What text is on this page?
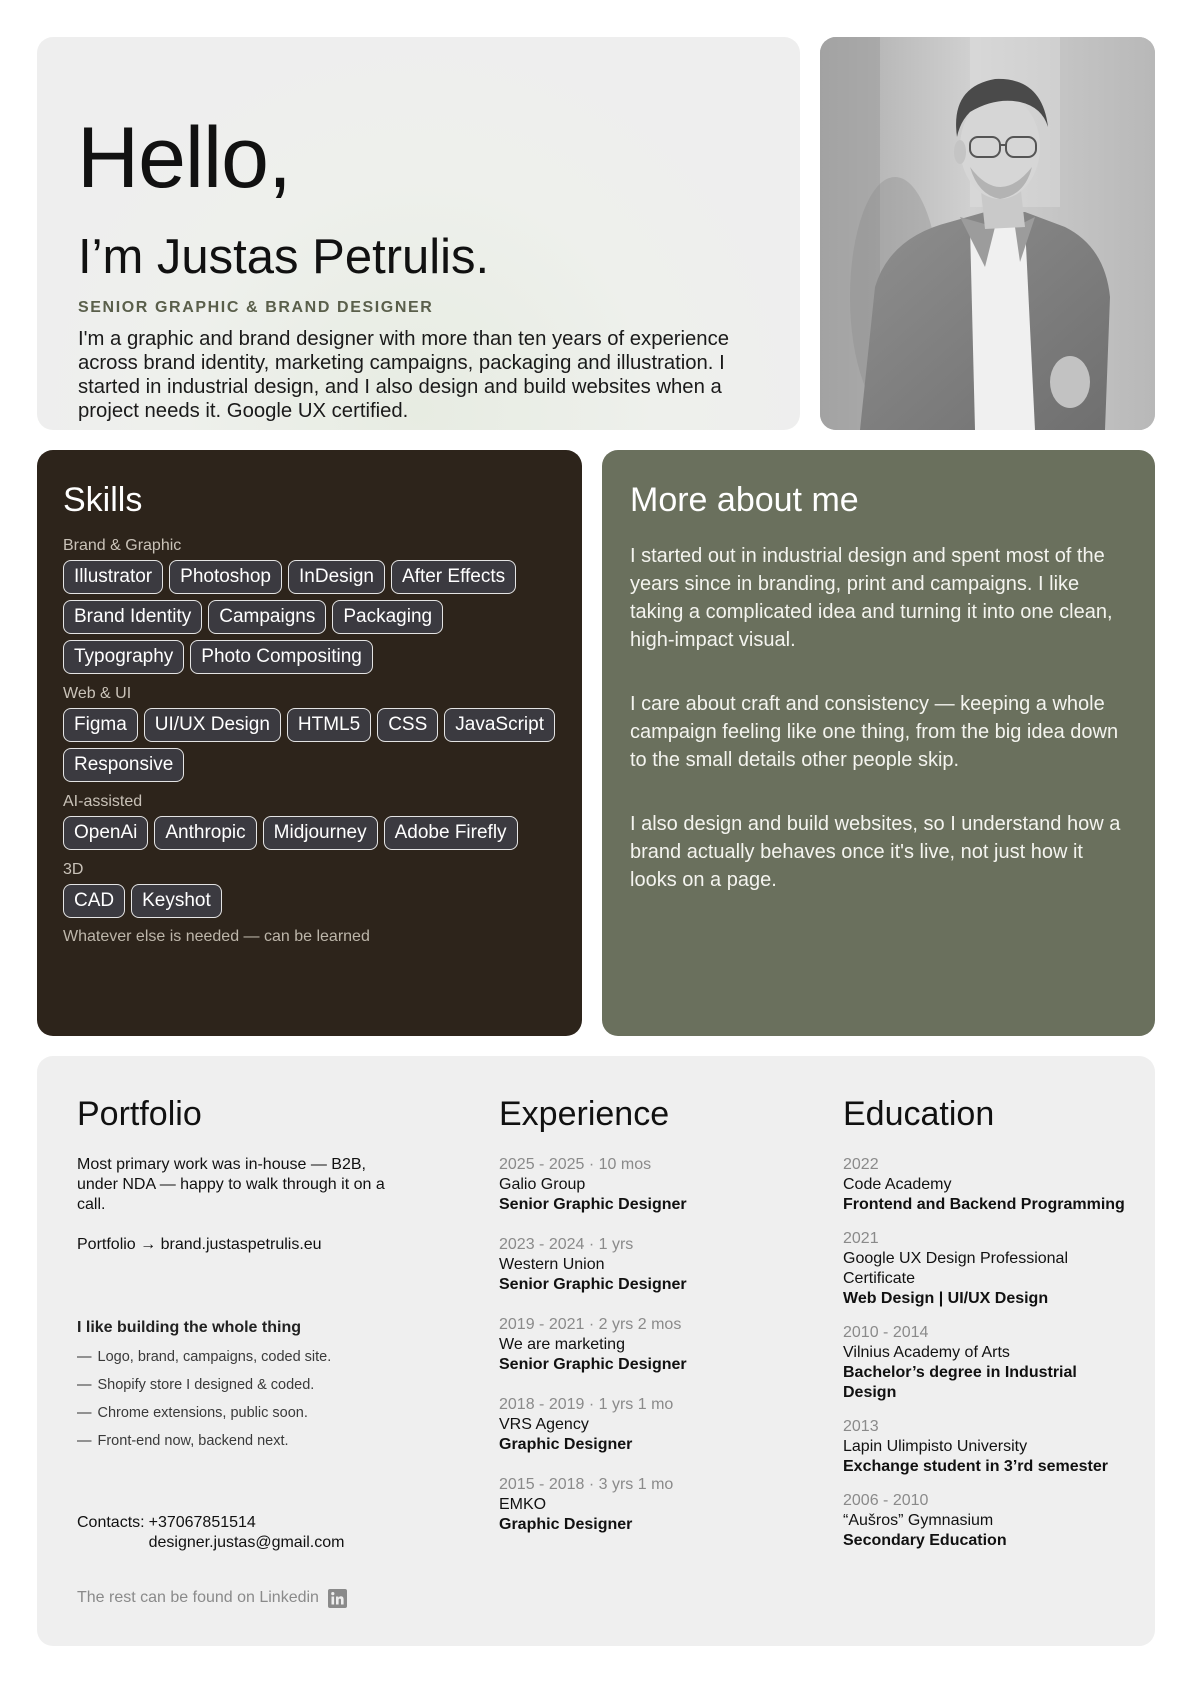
Hello,
I’m Justas Petrulis.
SENIOR GRAPHIC & BRAND DESIGNER

I'm a graphic and brand designer with more than ten years of experience across brand identity, marketing campaigns, packaging and illustration. I started in industrial design, and I also design and build websites when a project needs it. Google UX certified.

Skills
Brand & Graphic
Illustrator	Photoshop	InDesign	After Effects
Brand Identity	Campaigns	Packaging
Typography	Photo Compositing
Web & UI
Figma	UI/UX Design	HTML5	CSS	JavaScript
Responsive
AI-assisted
OpenAi	Anthropic	Midjourney	Adobe Firefly
3D
CAD	Keyshot
Whatever else is needed — can be learned
More about me

I started out in industrial design and spent most of the years since in branding, print and campaigns. I like taking a complicated idea and turning it into one clean, high-impact visual.

I care about craft and consistency — keeping a whole campaign feeling like one thing, from the big idea down to the small details other people skip.

I also design and build websites, so I understand how a brand actually behaves once it's live, not just how it looks on a page.

Portfolio

Most primary work was in-house — B2B, under NDA — happy to walk through it on a call.

Portfolio → brand.justaspetrulis.eu
I like building the whole thing
— Logo, brand, campaigns, coded site.
— Shopify store I designed & coded.
— Chrome extensions, public soon.
— Front-end now, backend next.
Contacts: +37067851514
designer.justas@gmail.com
The rest can be found on Linkedin
Experience
2025 - 2025 · 10 mos
Galio Group
Senior Graphic Designer
2023 - 2024 · 1 yrs
Western Union
Senior Graphic Designer
2019 - 2021 · 2 yrs 2 mos
We are marketing
Senior Graphic Designer
2018 - 2019 · 1 yrs 1 mo
VRS Agency
Graphic Designer
2015 - 2018 · 3 yrs 1 mo
EMKO
Graphic Designer
Education
2022
Code Academy
Frontend and Backend Programming
2021
Google UX Design Professional Certificate
Web Design | UI/UX Design
2010 - 2014
Vilnius Academy of Arts
Bachelor’s degree in Industrial Design
2013
Lapin Ulimpisto University
Exchange student in 3’rd semester
2006 - 2010
“Aušros” Gymnasium
Secondary Education
